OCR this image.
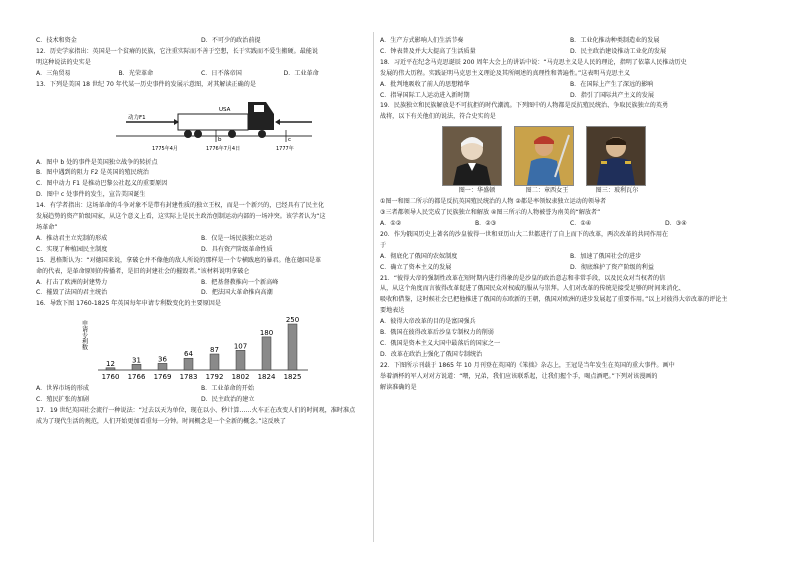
C．技术和资金	D．不可少的政治前提
12．历史学家指出：英国是一个贫瘠的民族，它注重实际而不善于空想，长于实践而不爱生搬硬。最能说
明这种说法的史实是
A．三角贸易	B．光荣革命	C．日不落帝国	D．工业革命
13．下列是美国 18 世纪 70 年代某一历史事件的发展示意图，对其解读正确的是
动力F1
USA
b	c
1775年4月	1776年7月4日	1777年
A．图中 b 处的事件是美国独立战争的转折点
B．图中遇到的阻力 F2 是英国的殖民统治
C．图中动力 F1 是推动巴黎公社起义的重要原因
D．图中 c 处事件的发生，宣告美国诞生
14．有学者指出：这场革命的斗争对象不是带有封建性质的独立王权，而是一个新兴的，已经具有了民主化
发展趋势的资产阶级国家，从这个意义上看，这实际上是民主政治创制运动内部的一场冲突。该学者认为“这
场革命”
A．推动君主立宪制的形成	B．仅是一场民族独立运动
C．实现了种植园民主制度	D．具有资产阶级革命性质
15．恩格斯认为：“对德国来说，拿破仑并不像他的敌人所说的那样是一个专横跋扈的暴君。他在德国是革
命的代表，是革命原则的传播者，是旧的封建社会的摧毁者。”该材料说明拿破仑
A．打击了欧洲的封建势力	B．把基督教推向一个新高峰
C．摧毁了法国的君主统治	D．把法国大革命推向高潮
16．导致下图 1760-1825 年英国每年申请专利数变化的主要原因是
申请专利数
12
1760
31
1766
36
1769
64
1783
87
1792
107
1802
180
1824
250
1825
A．世界市场的形成	B．工业革命的开始
C．殖民扩张的加剧	D．民主政治的建立
17．19 世纪英国社会流行一种说法：“过去以天为单位，现在以小、秒计算……火车正在改变人们的时间观，准时准点
成为了现代生活的规范，人们开始更加看重每一分钟。时间概念是一个全新的概念。”这反映了
A．生产方式影响人们生活节奏	B．工业化推动种类制造业的发展
C．钟表普及并大大提高了生活质量	D．民主政治建设推动工业化的发展
18．习近平在纪念马克思诞辰 200 周年大会上的讲话中说：“马克思主义是人民的理论，指明了依靠人民推动历史
发展的伟大历程。实践证明马克思主义理论及其所阐述的真理性和普遍性。”这表明马克思主义
A．批判地吸收了前人的思想精华	B．在国际上产生了深远的影响
C．指导国际工人运动进入新时期	D．指引了国际共产主义的发展
19．民族独立和民族解放是不可抗拒的时代潮流。下列图中的人物都是反抗殖民统治、争取民族独立的英勇
战将，以下有关他们的说法，符合史实的是
图一：华盛顿	图二：章西女王	图三：玻利瓦尔
①图一和图二所示的都是反抗英国殖民统治的人物 ②都是率领奴隶独立运动的领导者
③三者都领导人民完成了民族独立和解放 ④图三所示的人物被誉为南美的“解放者”
A．①②	B．②③	C．①④	D．③④
20．作为俄国历史上著名的沙皇彼得一世和亚历山大二世都进行了自上而下的改革，两次改革的共同作用在
于
A．彻底化了俄国的农奴制度	B．加速了俄国社会的进步
C．确立了资本主义的发展	D．彻底维护了资产阶级的利益
21．“彼得大帝的强制性改革在短时期内进行得象的是沙皇的政治意志和非常手段，以及民众对当权者的信
从，从这个角度而言彼得改革促进了俄国民众对权威的服从与崇拜。人们对改革的传统是接受足够的时间来消化、
吸收和借鉴，这时候社会已把他推进了俄国的东欧新的王朝，俄国对欧洲的进步发展起了重要作用。”以上对彼得大帝改革的评论主
要地表达
A．彼得大帝改革的目的是富国强兵
B．俄国在彼得改革后沙皇专制权力的削弱
C．俄国是资本主义大国中最落后的国家之一
D．改革在政治上强化了俄国专制统治
22．下图所示刊载于 1865 年 10 月刊登在英国的《笨拙》杂志上，王冠是当年发生在英国的重大事件。画中
举着酒杯的军人对对方说道：“喂，兄弟，我们应该联系起，让我们握个手，喝点酒吧。”下列对该漫画的
解读准确的是
